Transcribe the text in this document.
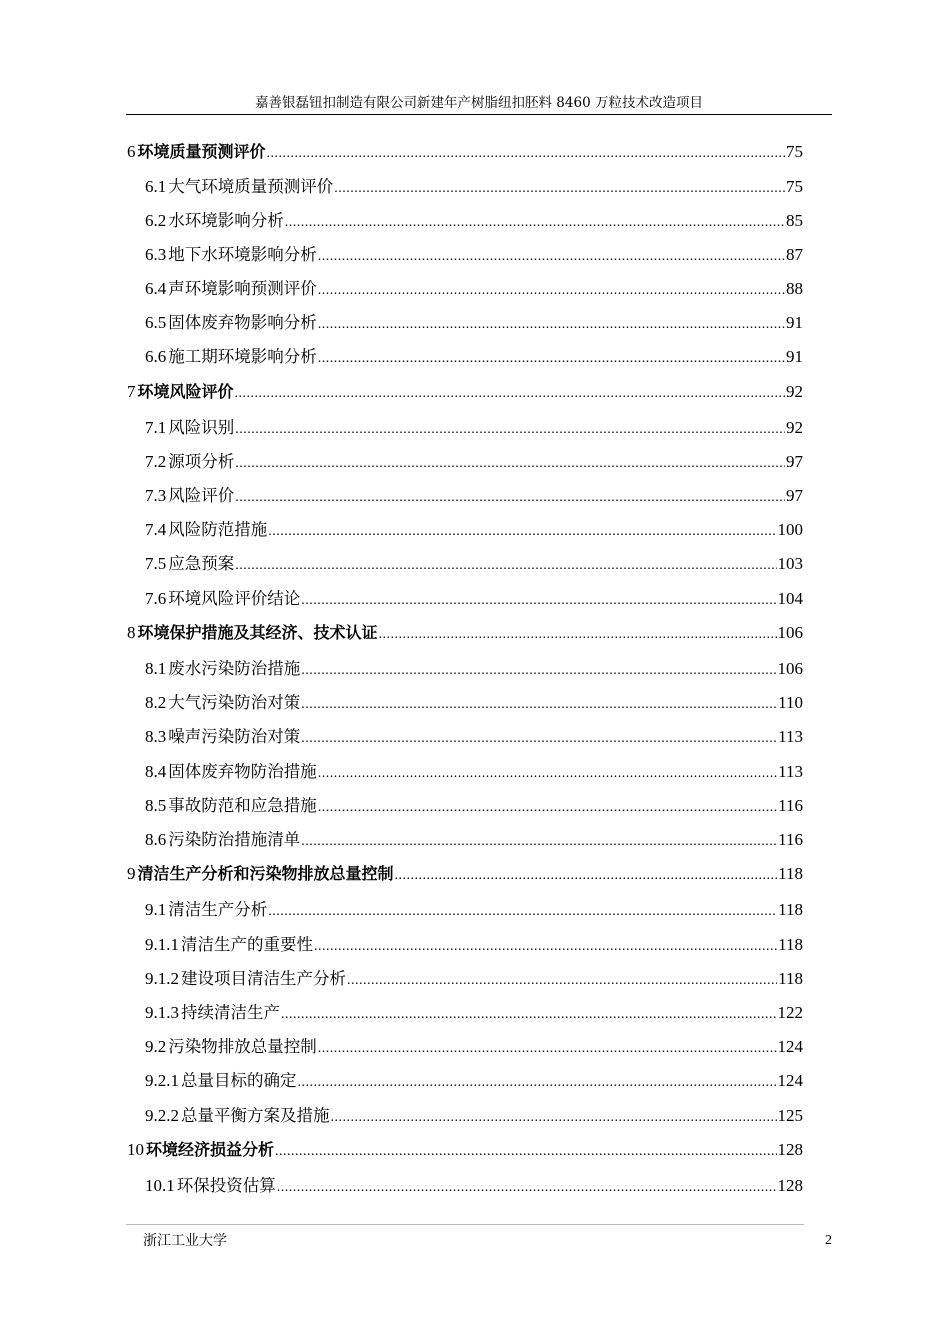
嘉善银磊钮扣制造有限公司新建年产树脂纽扣胚料 8460 万粒技术改造项目
6 环境质量预测评价 .....	75
6.1 大气环境质量预测评价 .....	75
6.2 水环境影响分析 .....	85
6.3 地下水环境影响分析 .....	87
6.4 声环境影响预测评价 .....	88
6.5 固体废弃物影响分析 .....	91
6.6 施工期环境影响分析 .....	91
7 环境风险评价 .....	92
7.1 风险识别 .....	92
7.2 源项分析 .....	97
7.3 风险评价 .....	97
7.4 风险防范措施 .....	100
7.5 应急预案 .....	103
7.6 环境风险评价结论 .....	104
8 环境保护措施及其经济、技术认证 .....	106
8.1 废水污染防治措施 .....	106
8.2 大气污染防治对策 .....	110
8.3 噪声污染防治对策 .....	113
8.4 固体废弃物防治措施 .....	113
8.5 事故防范和应急措施 .....	116
8.6 污染防治措施清单 .....	116
9 清洁生产分析和污染物排放总量控制 .....	118
9.1 清洁生产分析 .....	118
9.1.1 清洁生产的重要性 .....	118
9.1.2 建设项目清洁生产分析 .....	118
9.1.3 持续清洁生产 .....	122
9.2 污染物排放总量控制 .....	124
9.2.1 总量目标的确定 .....	124
9.2.2 总量平衡方案及措施 .....	125
10 环境经济损益分析 .....	128
10.1 环保投资估算 .....	128
浙江工业大学	2
